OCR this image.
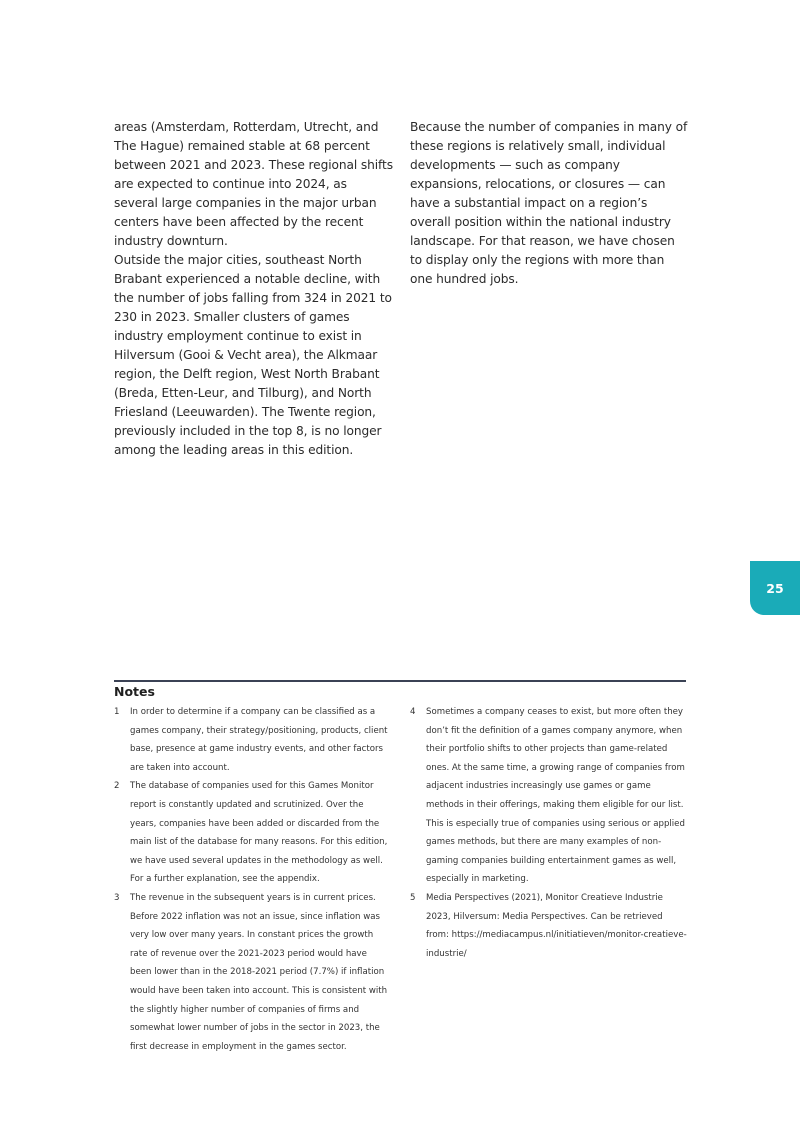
areas (Amsterdam, Rotterdam, Utrecht, and The Hague) remained stable at 68 percent between 2021 and 2023. These regional shifts are expected to continue into 2024, as several large companies in the major urban centers have been affected by the recent industry downturn.

Outside the major cities, southeast North Brabant experienced a notable decline, with the number of jobs falling from 324 in 2021 to 230 in 2023. Smaller clusters of games industry employment continue to exist in Hilversum (Gooi & Vecht area), the Alkmaar region, the Delft region, West North Brabant (Breda, Etten-Leur, and Tilburg), and North Friesland (Leeuwarden). The Twente region, previously included in the top 8, is no longer among the leading areas in this edition.

Because the number of companies in many of these regions is relatively small, individual developments — such as company expansions, relocations, or closures — can have a substantial impact on a region’s overall position within the national industry landscape. For that reason, we have chosen to display only the regions with more than one hundred jobs.

25
Notes
1	In order to determine if a company can be classified as a games company, their strategy/positioning, products, client base, presence at game industry events, and other factors are taken into account.
2	The database of companies used for this Games Monitor report is constantly updated and scrutinized. Over the years, companies have been added or discarded from the main list of the database for many reasons. For this edition, we have used several updates in the methodology as well. For a further explanation, see the appendix.
3	The revenue in the subsequent years is in current prices. Before 2022 inflation was not an issue, since inflation was very low over many years. In constant prices the growth rate of revenue over the 2021-2023 period would have been lower than in the 2018-2021 period (7.7%) if inflation would have been taken into account. This is consistent with the slightly higher number of companies of firms and somewhat lower number of jobs in the sector in 2023, the first decrease in employment in the games sector.
4	Sometimes a company ceases to exist, but more often they don’t fit the definition of a games company anymore, when their portfolio shifts to other projects than game-related ones. At the same time, a growing range of companies from adjacent industries increasingly use games or game methods in their offerings, making them eligible for our list. This is especially true of companies using serious or applied games methods, but there are many examples of non-gaming companies building entertainment games as well, especially in marketing.
5	Media Perspectives (2021), Monitor Creatieve Industrie 2023, Hilversum: Media Perspectives. Can be retrieved from: https://mediacampus.nl/initiatieven/monitor-creatieve-industrie/
